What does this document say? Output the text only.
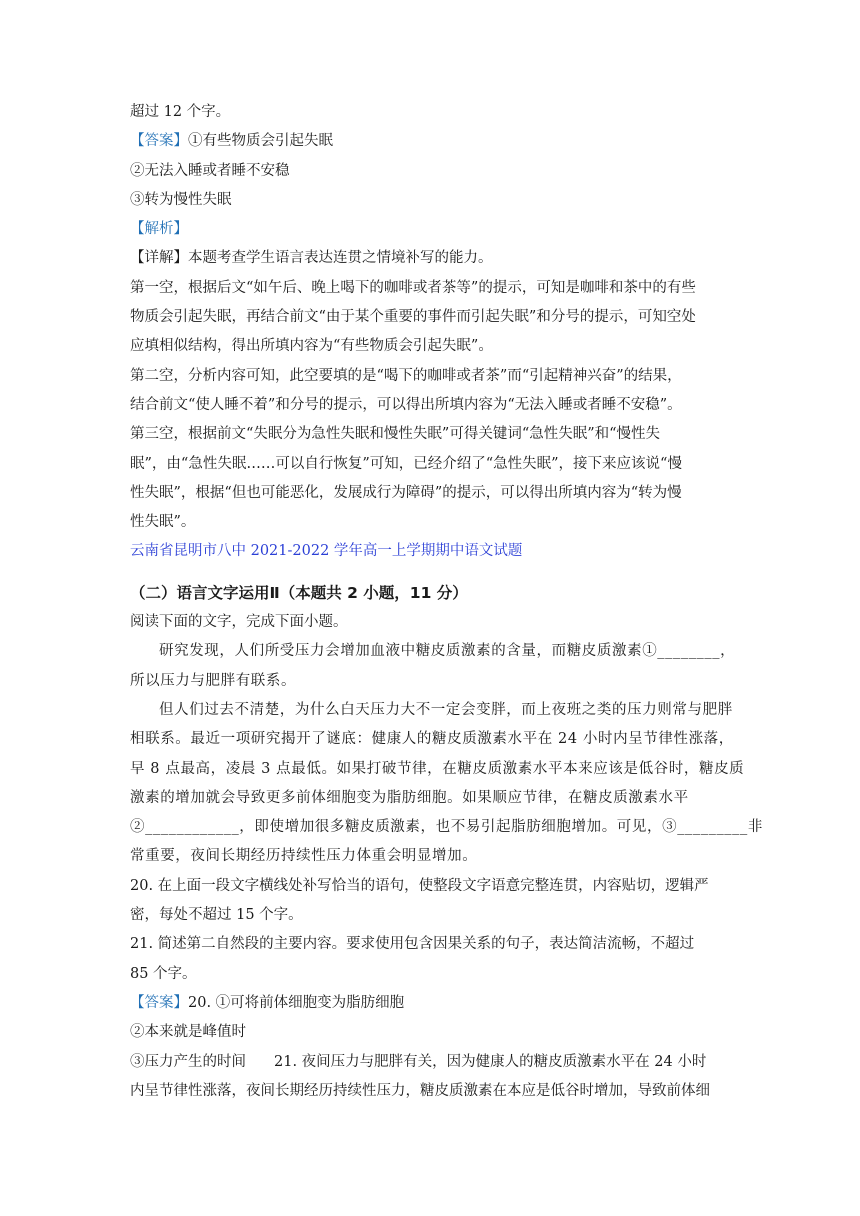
超过 12 个字。
【答案】①有些物质会引起失眠
②无法入睡或者睡不安稳
③转为慢性失眠
【解析】
【详解】本题考查学生语言表达连贯之情境补写的能力。
第一空，根据后文“如午后、晚上喝下的咖啡或者茶等”的提示，可知是咖啡和茶中的有些
物质会引起失眠，再结合前文“由于某个重要的事件而引起失眠”和分号的提示，可知空处
应填相似结构，得出所填内容为“有些物质会引起失眠”。
第二空，分析内容可知，此空要填的是“喝下的咖啡或者茶”而“引起精神兴奋”的结果，
结合前文“使人睡不着”和分号的提示，可以得出所填内容为“无法入睡或者睡不安稳”。
第三空，根据前文“失眠分为急性失眠和慢性失眠”可得关键词“急性失眠”和“慢性失
眠”，由“急性失眠……可以自行恢复”可知，已经介绍了“急性失眠”，接下来应该说“慢
性失眠”，根据“但也可能恶化，发展成行为障碍”的提示，可以得出所填内容为“转为慢
性失眠”。
云南省昆明市八中 2021-2022 学年高一上学期期中语文试题
（二）语言文字运用Ⅱ（本题共 2 小题，11 分）
阅读下面的文字，完成下面小题。
研究发现，人们所受压力会增加血液中糖皮质激素的含量，而糖皮质激素①________，
所以压力与肥胖有联系。
但人们过去不清楚，为什么白天压力大不一定会变胖，而上夜班之类的压力则常与肥胖
相联系。最近一项研究揭开了谜底：健康人的糖皮质激素水平在 24 小时内呈节律性涨落，
早 8 点最高，凌晨 3 点最低。如果打破节律，在糖皮质激素水平本来应该是低谷时，糖皮质
激素的增加就会导致更多前体细胞变为脂肪细胞。如果顺应节律，在糖皮质激素水平
②____________，即使增加很多糖皮质激素，也不易引起脂肪细胞增加。可见，③_________非
常重要，夜间长期经历持续性压力体重会明显增加。
20. 在上面一段文字横线处补写恰当的语句，使整段文字语意完整连贯，内容贴切，逻辑严
密，每处不超过 15 个字。
21. 简述第二自然段的主要内容。要求使用包含因果关系的句子，表达简洁流畅，不超过
85 个字。
【答案】20. ①可将前体细胞变为脂肪细胞
②本来就是峰值时
③压力产生的时间 21. 夜间压力与肥胖有关，因为健康人的糖皮质激素水平在 24 小时
内呈节律性涨落，夜间长期经历持续性压力，糖皮质激素在本应是低谷时增加，导致前体细
